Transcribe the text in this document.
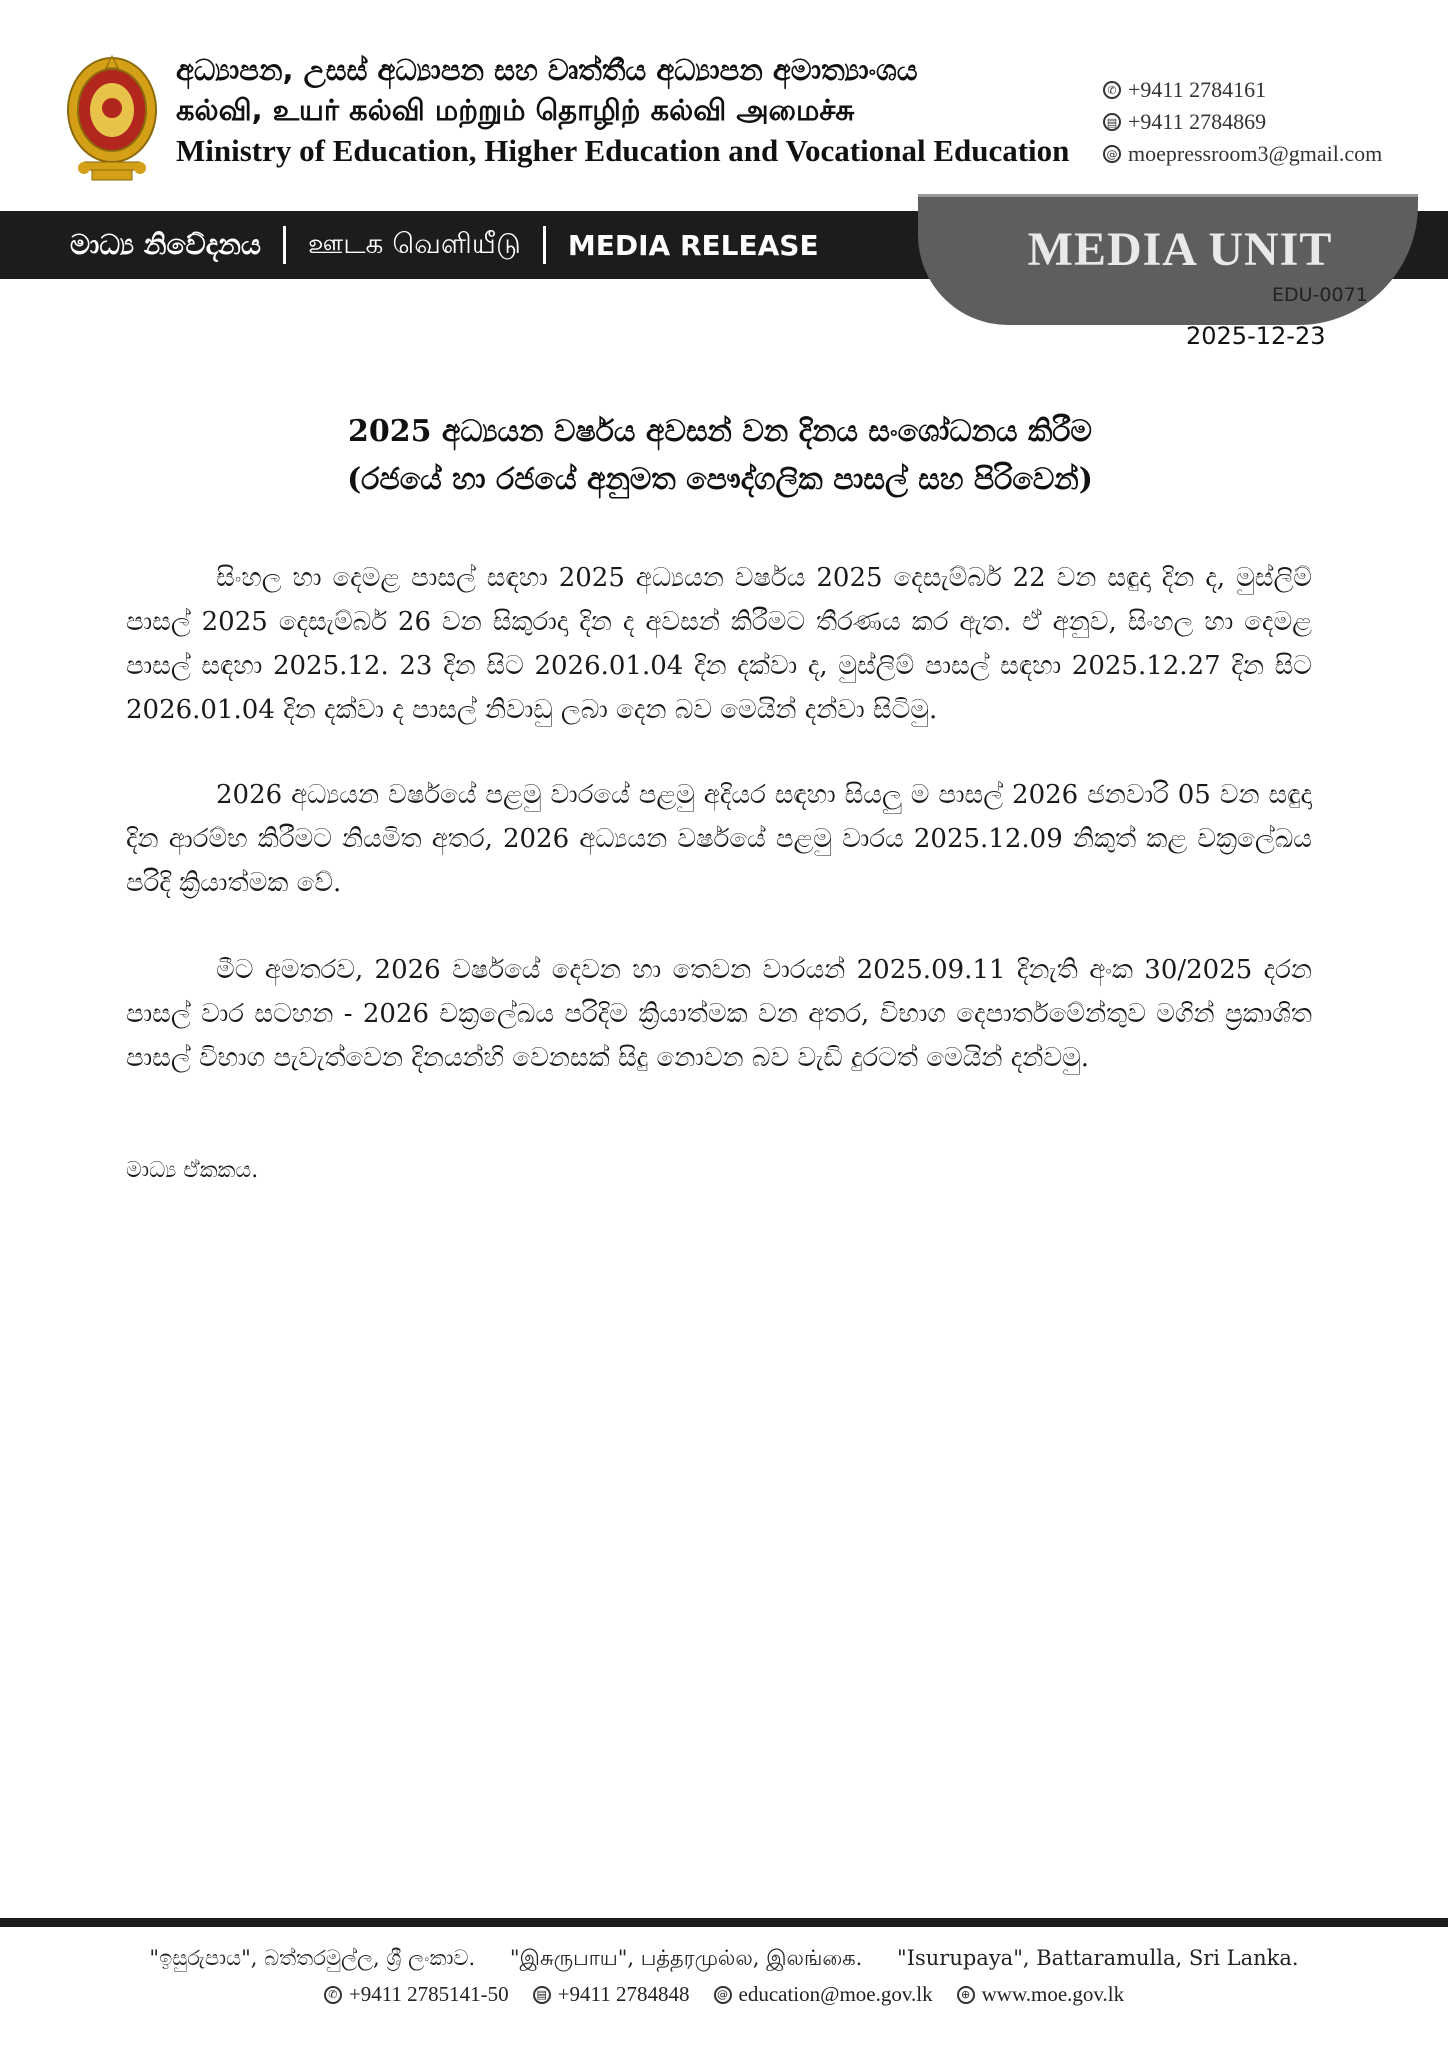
අධ්‍යාපන, උසස් අධ්‍යාපන සහ වෘත්තීය අධ්‍යාපන අමාත්‍යාංශය
கல்வி, உயர் கல்வி மற்றும் தொழிற் கல்வி அமைச்சு
Ministry of Education, Higher Education and Vocational Education
✆ +9411 2784161
▤ +9411 2784869
@ moepressroom3@gmail.com
මාධ්‍ය නිවේදනය ஊடக வெளியீடு MEDIA RELEASE	MEDIA UNIT
EDU-0071
2025-12-23
2025 අධ්‍යයන වර්ෂය අවසන් වන දිනය සංශෝධනය කිරීම
(රජයේ හා රජයේ අනුමත පෞද්ගලික පාසල් සහ පිරිවෙන්)
සිංහල හා දෙමළ පාසල් සඳහා 2025 අධ්‍යයන වර්ෂය 2025 දෙසැම්බර් 22 වන සඳුදා දින ද, මුස්ලිම් පාසල් 2025 දෙසැම්බර් 26 වන සිකුරාදා දින ද අවසන් කිරීමට තීරණය කර ඇත. ඒ අනුව, සිංහල හා දෙමළ පාසල් සඳහා 2025.12. 23 දින සිට 2026.01.04 දින දක්වා ද, මුස්ලිම් පාසල් සඳහා 2025.12.27 දින සිට 2026.01.04 දින දක්වා ද පාසල් නිවාඩු ලබා දෙන බව මෙයින් දන්වා සිටිමු.
2026 අධ්‍යයන වර්ෂයේ පළමු වාරයේ පළමු අදියර සඳහා සියලු ම පාසල් 2026 ජනවාරි 05 වන සඳුදා දින ආරම්භ කිරීමට නියමිත අතර, 2026 අධ්‍යයන වර්ෂයේ පළමු වාරය 2025.12.09 නිකුත් කළ චක්‍රලේඛය පරිදි ක්‍රියාත්මක වේ.
මීට අමතරව, 2026 වර්ෂයේ දෙවන හා තෙවන වාරයන් 2025.09.11 දිනැති අංක 30/2025 දරන පාසල් වාර සටහන - 2026 චක්‍රලේඛය පරිදිම ක්‍රියාත්මක වන අතර, විභාග දෙපාර්තමේන්තුව මගින් ප්‍රකාශිත පාසල් විභාග පැවැත්වෙන දිනයන්හි වෙනසක් සිදු නොවන බව වැඩි දුරටත් මෙයින් දන්වමු.
මාධ්‍ය ඒකකය.
"ඉසුරුපාය", බත්තරමුල්ල, ශ්‍රී ලංකාව. "இசுருபாய", பத்தரமுல்ல, இலங்கை. "Isurupaya", Battaramulla, Sri Lanka.
✆ +9411 2785141-50	▤ +9411 2784848	@ education@moe.gov.lk	⊕ www.moe.gov.lk
